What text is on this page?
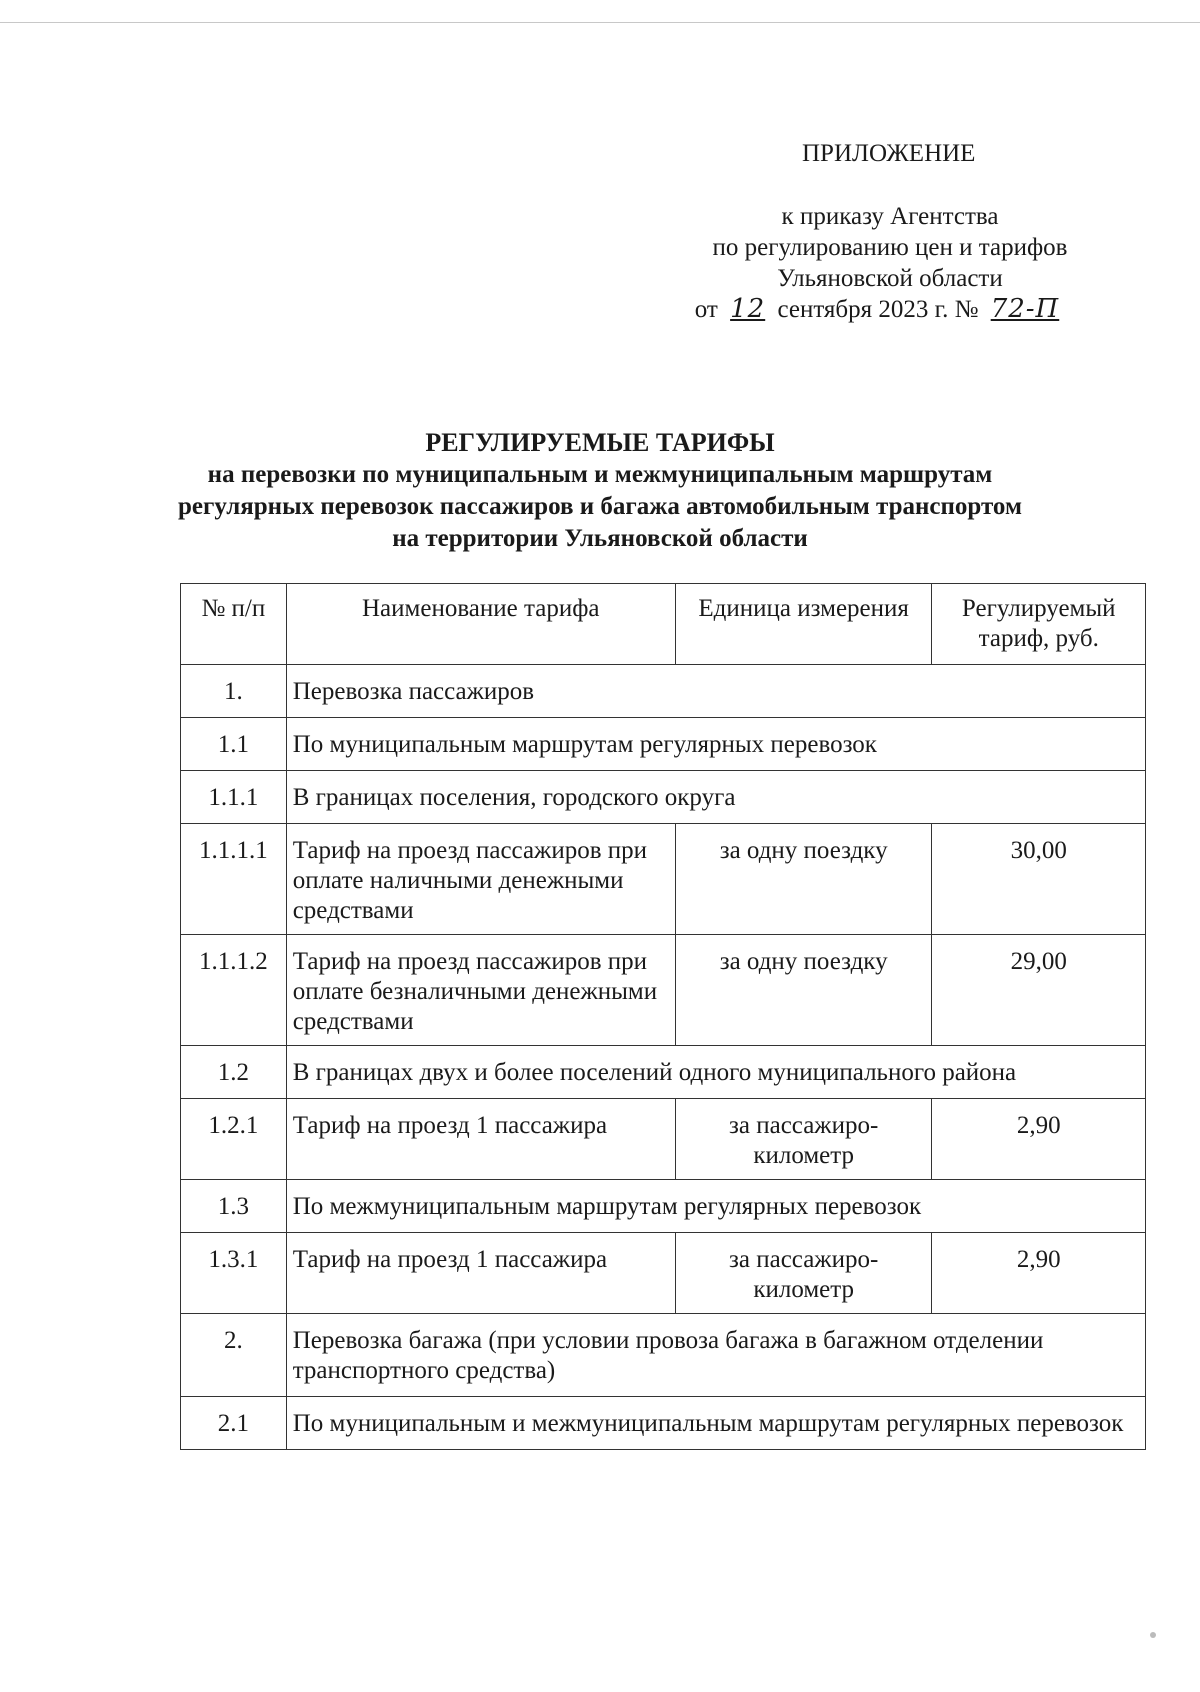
ПРИЛОЖЕНИЕ
к приказу Агентства
по регулированию цен и тарифов
Ульяновской области
от 12 сентября 2023 г. № 72-П
РЕГУЛИРУЕМЫЕ ТАРИФЫ
на перевозки по муниципальным и межмуниципальным маршрутам
регулярных перевозок пассажиров и багажа автомобильным транспортом
на территории Ульяновской области
№ п/п	Наименование тарифа	Единица измерения	Регулируемый тариф, руб.
1.	Перевозка пассажиров		
1.1	По муниципальным маршрутам регулярных перевозок		
1.1.1	В границах поселения, городского округа		
1.1.1.1	Тариф на проезд пассажиров при оплате наличными денежными средствами	за одну поездку	30,00
1.1.1.2	Тариф на проезд пассажиров при оплате безналичными денежными средствами	за одну поездку	29,00
1.2	В границах двух и более поселений одного муниципального района		
1.2.1	Тариф на проезд 1 пассажира	за пассажиро-километр	2,90
1.3	По межмуниципальным маршрутам регулярных перевозок		
1.3.1	Тариф на проезд 1 пассажира	за пассажиро-километр	2,90
2.	Перевозка багажа (при условии провоза багажа в багажном отделении транспортного средства)		
2.1	По муниципальным и межмуниципальным маршрутам регулярных перевозок		
